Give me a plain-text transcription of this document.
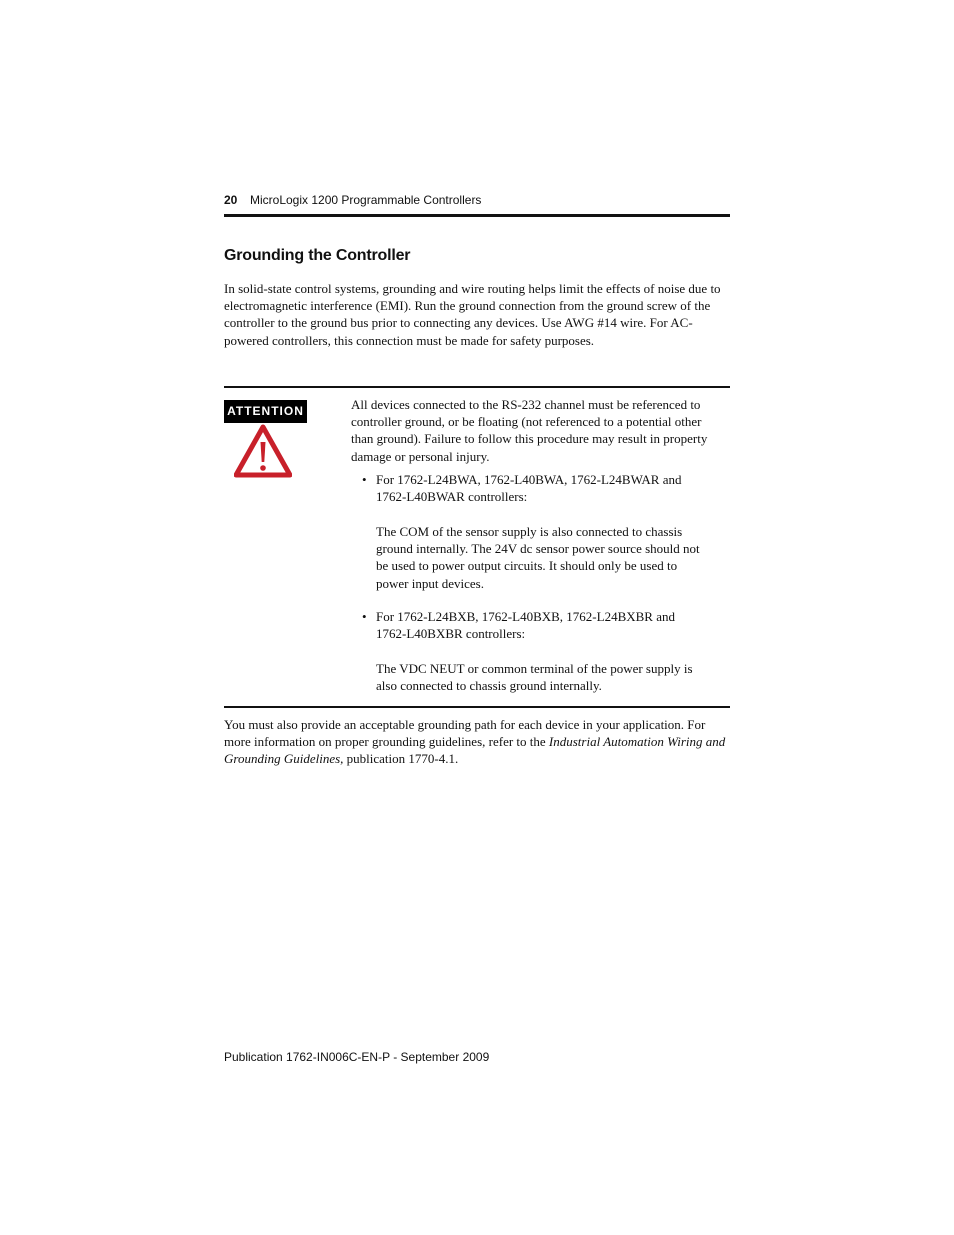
20 MicroLogix 1200 Programmable Controllers
Grounding the Controller

In solid-state control systems, grounding and wire routing helps limit the effects of noise due to electromagnetic interference (EMI). Run the ground connection from the ground screw of the controller to the ground bus prior to connecting any devices. Use AWG #14 wire. For AC-powered controllers, this connection must be made for safety purposes.

ATTENTION	All devices connected to the RS-232 channel must be referenced to controller ground, or be floating (not referenced to a potential other than ground). Failure to follow this procedure may result in property damage or personal injury.

• For 1762-L24BWA, 1762-L40BWA, 1762-L24BWAR and 1762-L40BWAR controllers:

The COM of the sensor supply is also connected to chassis ground internally. The 24V dc sensor power source should not be used to power output circuits. It should only be used to power input devices.

• For 1762-L24BXB, 1762-L40BXB, 1762-L24BXBR and 1762-L40BXBR controllers:

The VDC NEUT or common terminal of the power supply is also connected to chassis ground internally.

You must also provide an acceptable grounding path for each device in your application. For more information on proper grounding guidelines, refer to the Industrial Automation Wiring and Grounding Guidelines, publication 1770-4.1.

Publication 1762-IN006C-EN-P - September 2009
